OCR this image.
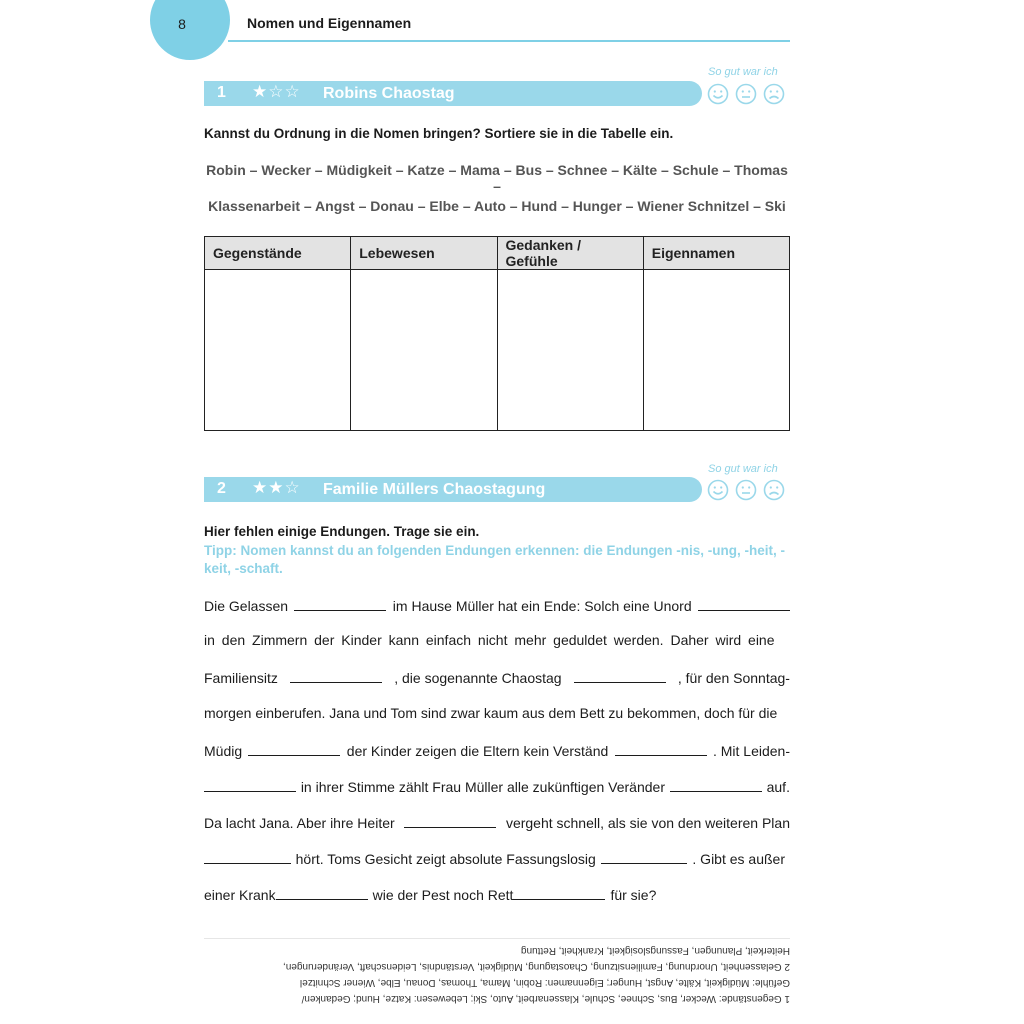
8	Nomen und Eigennamen
So gut war ich
1 ★☆☆ Robins Chaostag
Kannst du Ordnung in die Nomen bringen? Sortiere sie in die Tabelle ein.
Robin – Wecker – Müdigkeit – Katze – Mama – Bus – Schnee – Kälte – Schule – Thomas –
Klassenarbeit – Angst – Donau – Elbe – Auto – Hund – Hunger – Wiener Schnitzel – Ski
Gegenstände	Lebewesen	Gedanken / Gefühle	Eigennamen

So gut war ich
2 ★★☆ Familie Müllers Chaostagung
Hier fehlen einige Endungen. Trage sie ein.
Tipp: Nomen kannst du an folgenden Endungen erkennen: die Endungen -nis, -ung, -heit, -keit, -schaft.
Die Gelassen	im Hause Müller hat ein Ende: Solch eine Unord
in den Zimmern der Kinder kann einfach nicht mehr geduldet werden. Daher wird eine
Familiensitz	, die sogenannte Chaostag	, für den Sonntag-
morgen einberufen. Jana und Tom sind zwar kaum aus dem Bett zu bekommen, doch für die
Müdig	der Kinder zeigen die Eltern kein Verständ	. Mit Leiden-
in ihrer Stimme zählt Frau Müller alle zukünftigen Veränder	auf.
Da lacht Jana. Aber ihre Heiter	vergeht schnell, als sie von den weiteren Plan
hört. Toms Gesicht zeigt absolute Fassungslosig	. Gibt es außer
einer Krank	wie der Pest noch Rett	für sie?
1 Gegenstände: Wecker, Bus, Schnee, Schule, Klassenarbeit, Auto, Ski; Lebewesen: Katze, Hund; Gedanken/
Gefühle: Müdigkeit, Kälte, Angst, Hunger; Eigennamen: Robin, Mama, Thomas, Donau, Elbe, Wiener Schnitzel
2 Gelassenheit, Unordnung, Familiensitzung, Chaostagung, Müdigkeit, Verständnis, Leidenschaft, Veränderungen,
Heiterkeit, Planungen, Fassungslosigkeit, Krankheit, Rettung
